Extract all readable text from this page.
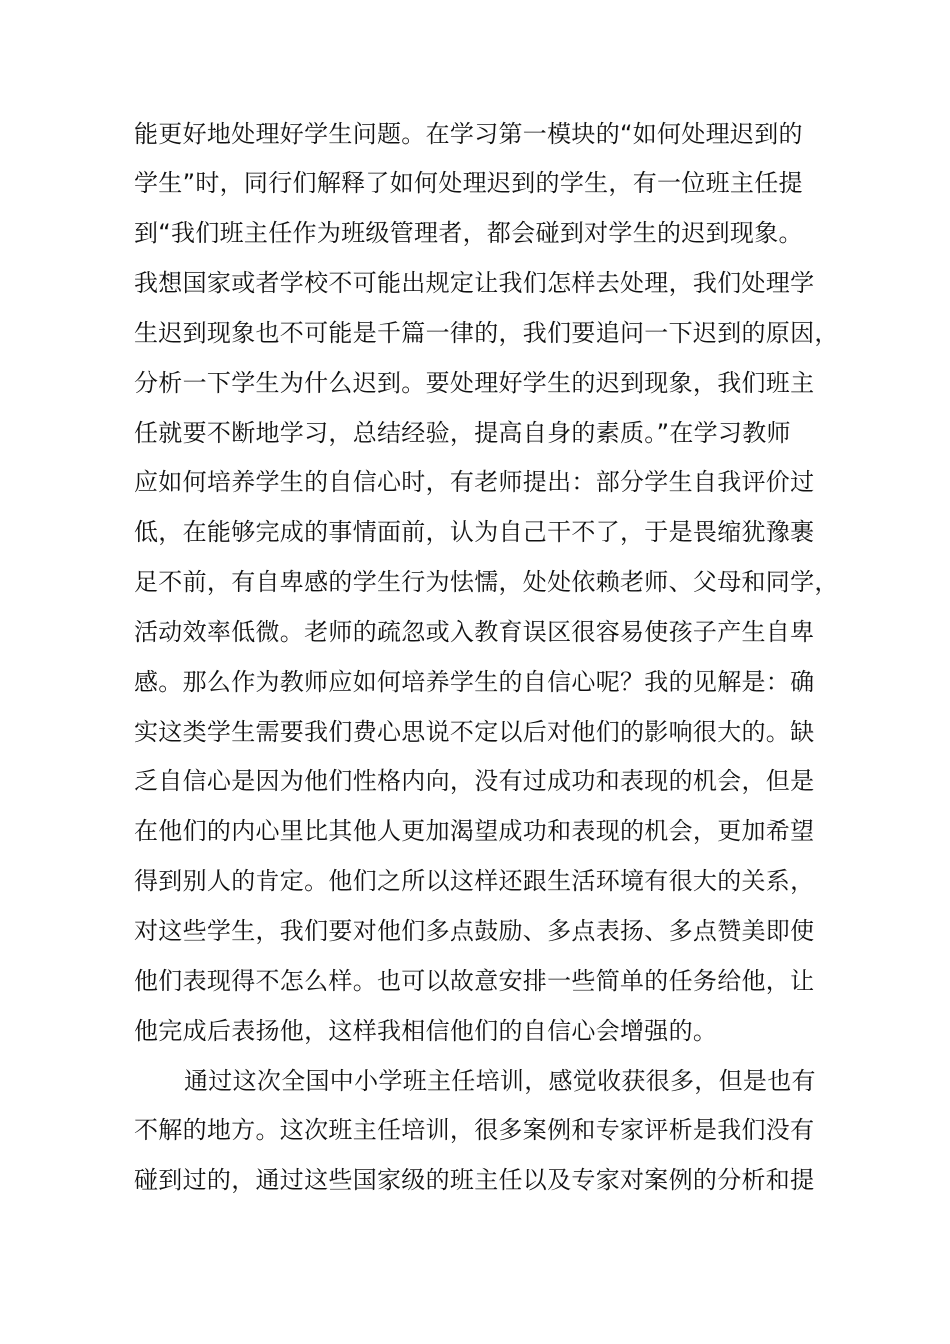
能更好地处理好学生问题。在学习第一模块的“如何处理迟到的
学生”时，同行们解释了如何处理迟到的学生，有一位班主任提
到“我们班主任作为班级管理者，都会碰到对学生的迟到现象。
我想国家或者学校不可能出规定让我们怎样去处理，我们处理学
生迟到现象也不可能是千篇一律的，我们要追问一下迟到的原因，
分析一下学生为什么迟到。要处理好学生的迟到现象，我们班主
任就要不断地学习，总结经验，提高自身的素质。”在学习教师
应如何培养学生的自信心时，有老师提出：部分学生自我评价过
低，在能够完成的事情面前，认为自己干不了，于是畏缩犹豫裹
足不前，有自卑感的学生行为怯懦，处处依赖老师、父母和同学，
活动效率低微。老师的疏忽或入教育误区很容易使孩子产生自卑
感。那么作为教师应如何培养学生的自信心呢？我的见解是：确
实这类学生需要我们费心思说不定以后对他们的影响很大的。缺
乏自信心是因为他们性格内向，没有过成功和表现的机会，但是
在他们的内心里比其他人更加渴望成功和表现的机会，更加希望
得到别人的肯定。他们之所以这样还跟生活环境有很大的关系，
对这些学生，我们要对他们多点鼓励、多点表扬、多点赞美即使
他们表现得不怎么样。也可以故意安排一些简单的任务给他，让
他完成后表扬他，这样我相信他们的自信心会增强的。
通过这次全国中小学班主任培训，感觉收获很多，但是也有
不解的地方。这次班主任培训，很多案例和专家评析是我们没有
碰到过的，通过这些国家级的班主任以及专家对案例的分析和提
